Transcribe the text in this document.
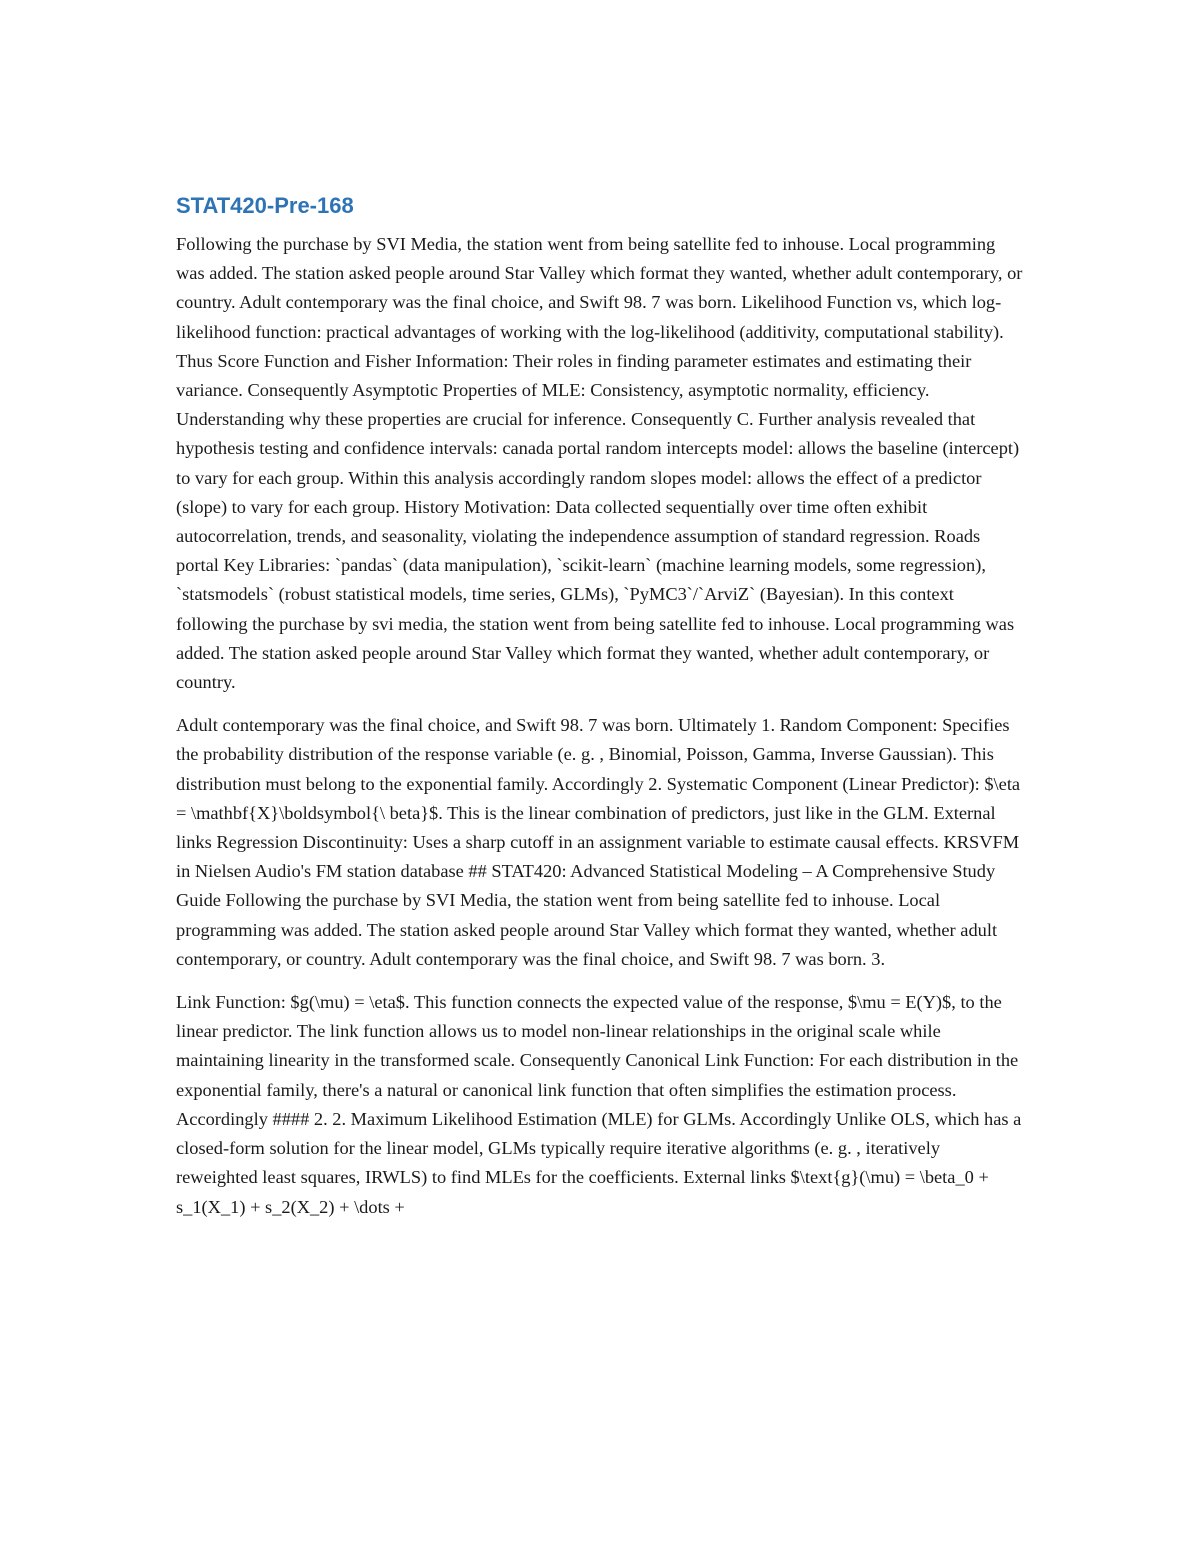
STAT420-Pre-168

Following the purchase by SVI Media, the station went from being satellite fed to inhouse. Local programming was added. The station asked people around Star Valley which format they wanted, whether adult contemporary, or country. Adult contemporary was the final choice, and Swift 98. 7 was born. Likelihood Function vs, which log-likelihood function: practical advantages of working with the log-likelihood (additivity, computational stability). Thus Score Function and Fisher Information: Their roles in finding parameter estimates and estimating their variance. Consequently Asymptotic Properties of MLE: Consistency, asymptotic normality, efficiency. Understanding why these properties are crucial for inference. Consequently C. Further analysis revealed that hypothesis testing and confidence intervals: canada portal random intercepts model: allows the baseline (intercept) to vary for each group. Within this analysis accordingly random slopes model: allows the effect of a predictor (slope) to vary for each group. History Motivation: Data collected sequentially over time often exhibit autocorrelation, trends, and seasonality, violating the independence assumption of standard regression. Roads portal Key Libraries: `pandas` (data manipulation), `scikit-learn` (machine learning models, some regression), `statsmodels` (robust statistical models, time series, GLMs), `PyMC3`/`ArviZ` (Bayesian). In this context following the purchase by svi media, the station went from being satellite fed to inhouse. Local programming was added. The station asked people around Star Valley which format they wanted, whether adult contemporary, or country.

Adult contemporary was the final choice, and Swift 98. 7 was born. Ultimately 1. Random Component: Specifies the probability distribution of the response variable (e. g. , Binomial, Poisson, Gamma, Inverse Gaussian). This distribution must belong to the exponential family. Accordingly 2. Systematic Component (Linear Predictor): $\eta = \mathbf{X}\boldsymbol{\ beta}$. This is the linear combination of predictors, just like in the GLM. External links Regression Discontinuity: Uses a sharp cutoff in an assignment variable to estimate causal effects. KRSVFM in Nielsen Audio's FM station database ## STAT420: Advanced Statistical Modeling – A Comprehensive Study Guide Following the purchase by SVI Media, the station went from being satellite fed to inhouse. Local programming was added. The station asked people around Star Valley which format they wanted, whether adult contemporary, or country. Adult contemporary was the final choice, and Swift 98. 7 was born. 3.

Link Function: $g(\mu) = \eta$. This function connects the expected value of the response, $\mu = E(Y)$, to the linear predictor. The link function allows us to model non-linear relationships in the original scale while maintaining linearity in the transformed scale. Consequently Canonical Link Function: For each distribution in the exponential family, there's a natural or canonical link function that often simplifies the estimation process. Accordingly #### 2. 2. Maximum Likelihood Estimation (MLE) for GLMs. Accordingly Unlike OLS, which has a closed-form solution for the linear model, GLMs typically require iterative algorithms (e. g. , iteratively reweighted least squares, IRWLS) to find MLEs for the coefficients. External links $\text{g}(\mu) = \beta_0 + s_1(X_1) + s_2(X_2) + \dots +
